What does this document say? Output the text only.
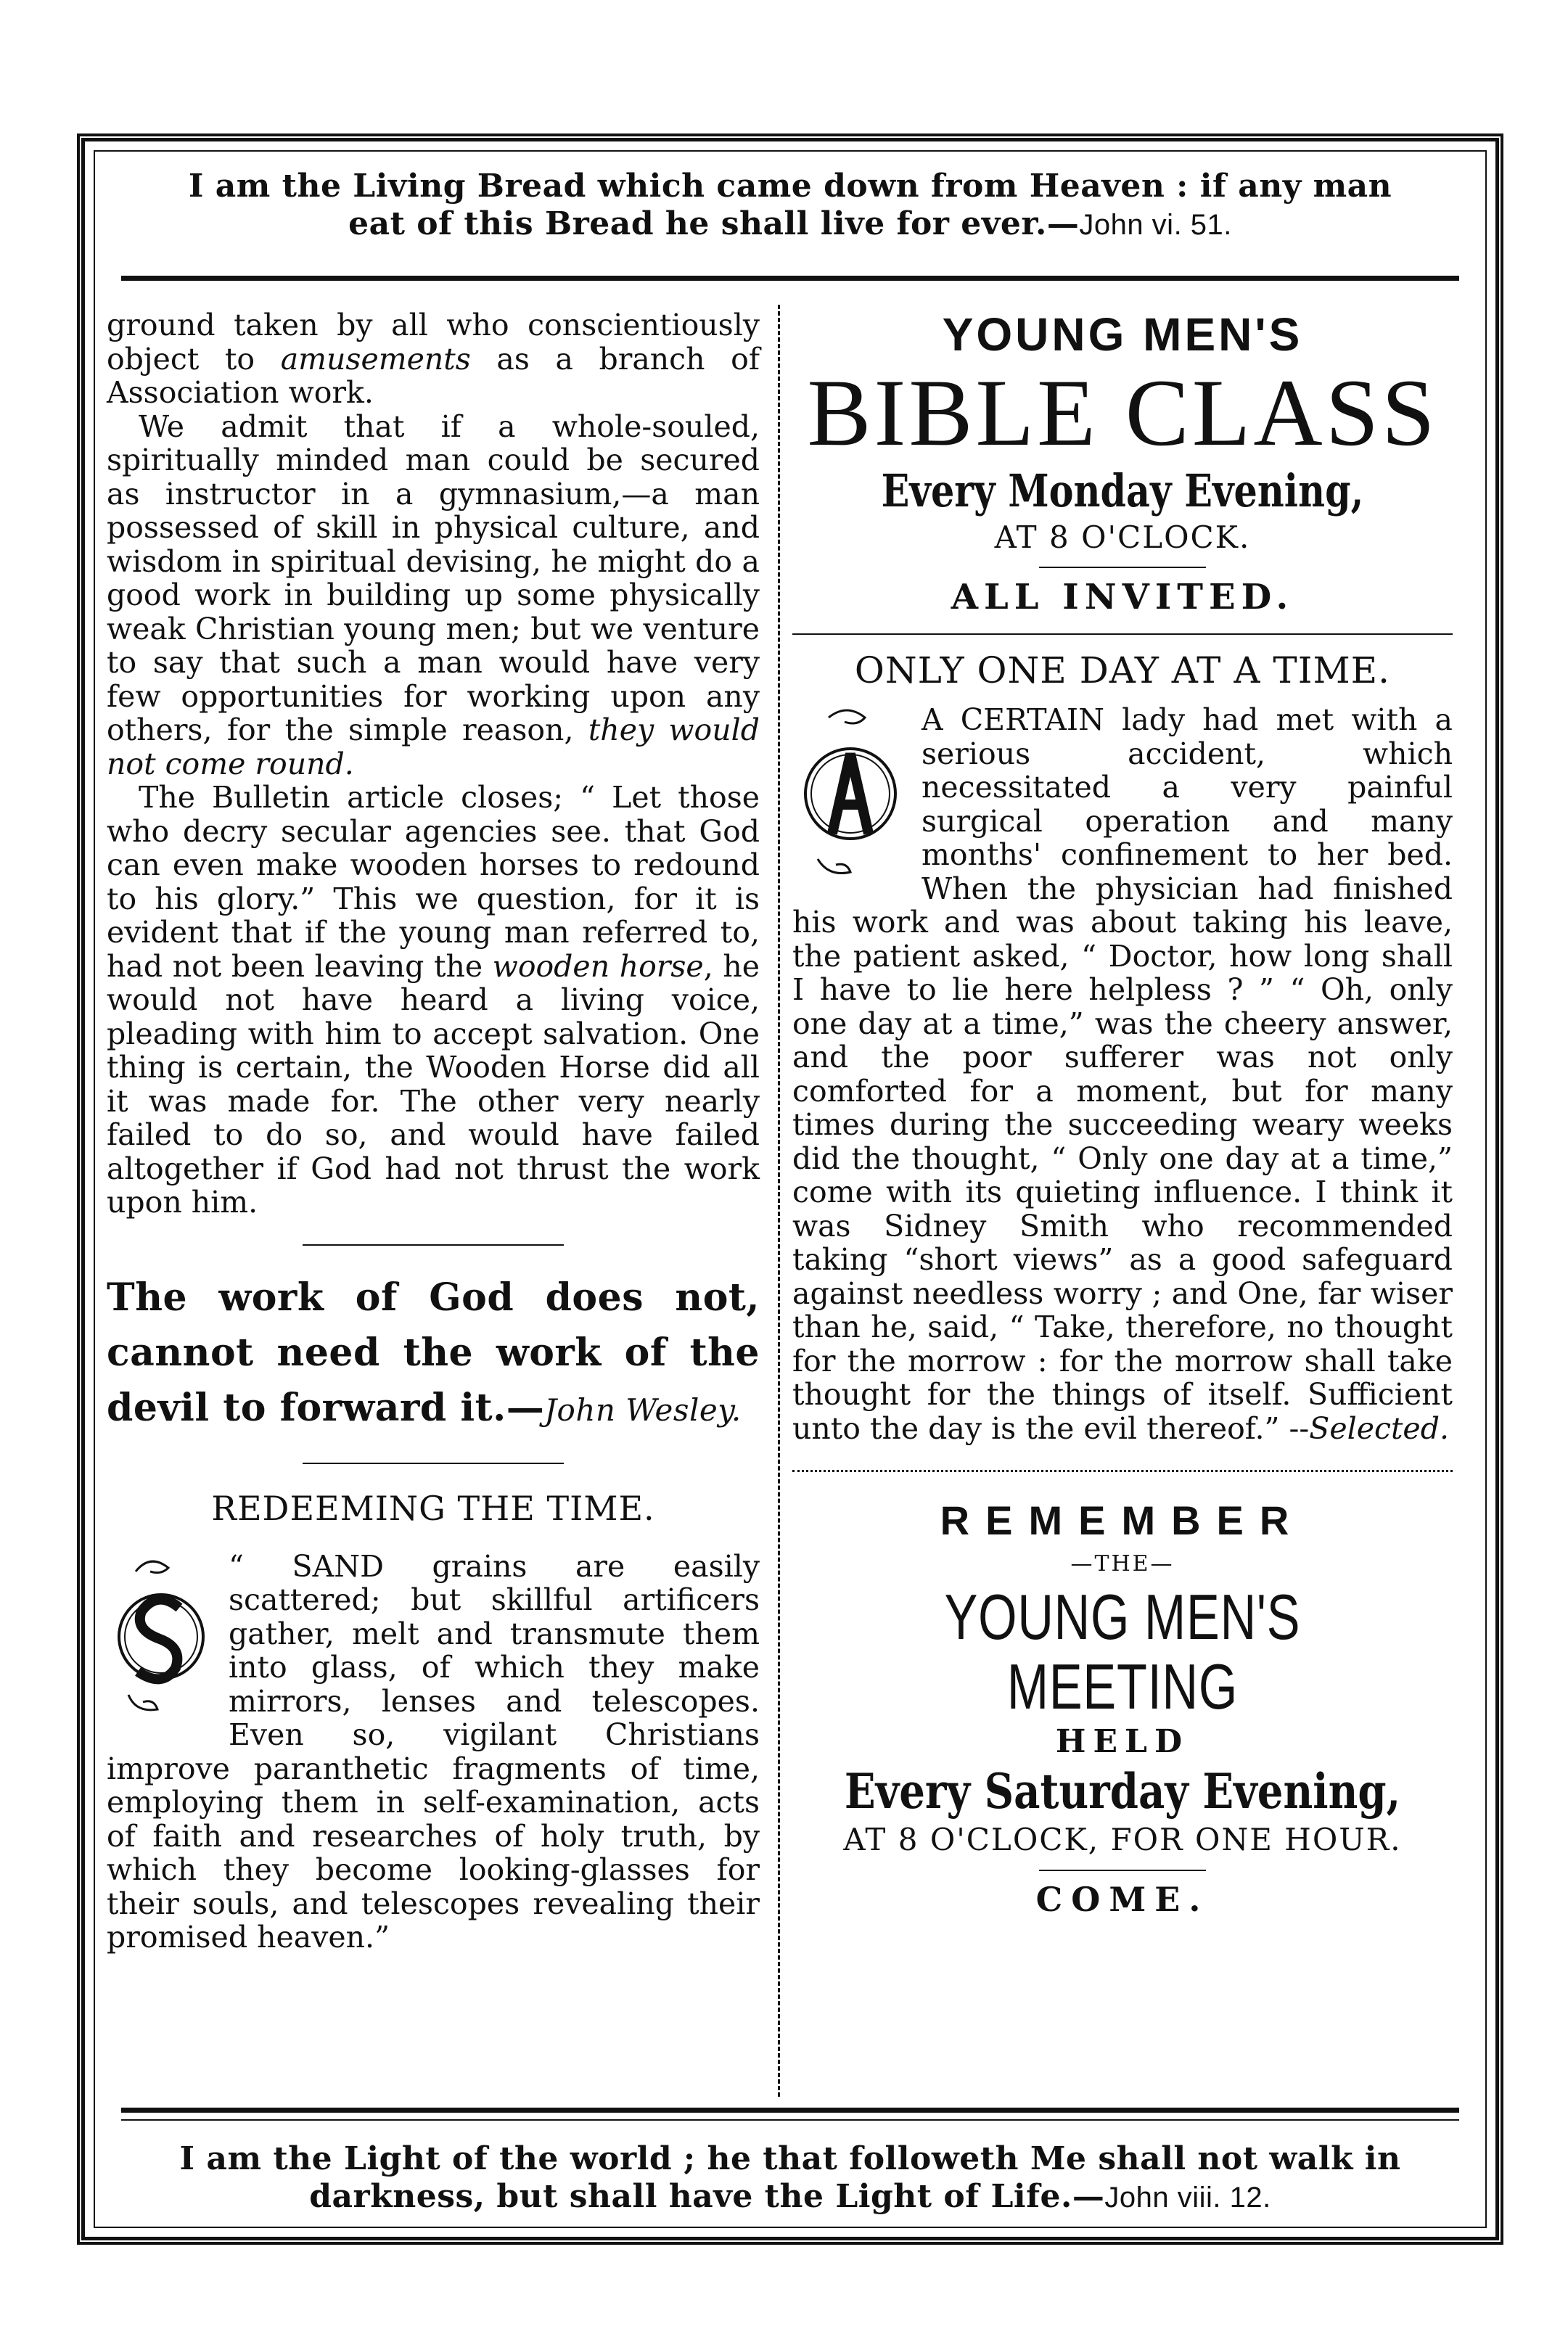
I am the Living Bread which came down from Heaven : if any man eat of this Bread he shall live for ever.—John vi. 51.

ground taken by all who conscientiously object to amusements as a branch of Association work.

We admit that if a whole-souled, spiritually minded man could be secured as instructor in a gymnasium,—a man possessed of skill in physical culture, and wisdom in spiritual devising, he might do a good work in building up some physically weak Christian young men; but we venture to say that such a man would have very few opportunities for working upon any others, for the simple reason, they would not come round.

The Bulletin article closes; “ Let those who decry secular agencies see. that God can even make wooden horses to redound to his glory.” This we question, for it is evident that if the young man referred to, had not been leaving the wooden horse, he would not have heard a living voice, pleading with him to accept salvation. One thing is certain, the Wooden Horse did all it was made for. The other very nearly failed to do so, and would have failed altogether if God had not thrust the work upon him.

The work of God does not, cannot need the work of the devil to forward it.—John Wesley.

REDEEMING THE TIME.

“ SAND grains are easily scattered; but skillful artificers gather, melt and transmute them into glass, of which they make mirrors, lenses and telescopes. Even so, vigilant Christians improve paranthetic fragments of time, employing them in self-examination, acts of faith and researches of holy truth, by which they become looking-glasses for their souls, and telescopes revealing their promised heaven.”

YOUNG MEN'S
BIBLE CLASS
Every Monday Evening,
AT 8 O'CLOCK.
ALL INVITED.
ONLY ONE DAY AT A TIME.

A CERTAIN lady had met with a serious accident, which necessitated a very painful surgical operation and many months' confinement to her bed. When the physician had finished his work and was about taking his leave, the patient asked, “ Doctor, how long shall I have to lie here helpless ? ” “ Oh, only one day at a time,” was the cheery answer, and the poor sufferer was not only comforted for a moment, but for many times during the succeeding weary weeks did the thought, “ Only one day at a time,” come with its quieting influence. I think it was Sidney Smith who recommended taking “short views” as a good safeguard against needless worry ; and One, far wiser than he, said, “ Take, therefore, no thought for the morrow : for the morrow shall take thought for the things of itself. Sufficient unto the day is the evil thereof.” --Selected.

REMEMBER
—THE—
YOUNG MEN'S MEETING
HELD
Every Saturday Evening,
AT 8 O'CLOCK, FOR ONE HOUR.
COME.
I am the Light of the world ; he that followeth Me shall not walk in darkness, but shall have the Light of Life.—John viii. 12.
